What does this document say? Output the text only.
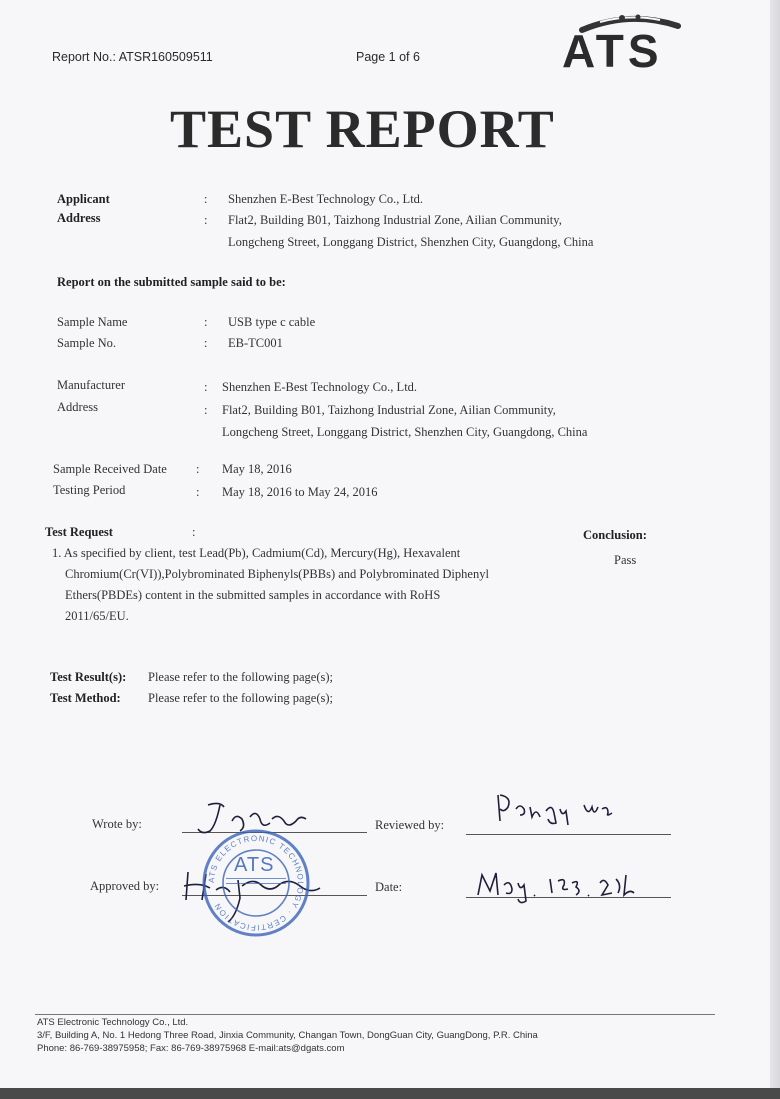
Report No.: ATSR160509511	Page 1 of 6	ATS
TEST REPORT
Applicant	: Shenzhen E-Best Technology Co., Ltd.
Address	: Flat2, Building B01, Taizhong Industrial Zone, Ailian Community,
Longcheng Street, Longgang District, Shenzhen City, Guangdong, China
Report on the submitted sample said to be:
Sample Name	: USB type c cable
Sample No.	: EB-TC001
Manufacturer	: Shenzhen E-Best Technology Co., Ltd.
Address	: Flat2, Building B01, Taizhong Industrial Zone, Ailian Community,
Longcheng Street, Longgang District, Shenzhen City, Guangdong, China
Sample Received Date : May 18, 2016
Testing Period	: May 18, 2016 to May 24, 2016
Test Request	:	Conclusion:
Pass
1. As specified by client, test Lead(Pb), Cadmium(Cd), Mercury(Hg), Hexavalent
Chromium(Cr(VI)),Polybrominated Biphenyls(PBBs) and Polybrominated Diphenyl
Ethers(PBDEs) content in the submitted samples in accordance with RoHS
2011/65/EU.
Test Result(s): Please refer to the following page(s);
Test Method: Please refer to the following page(s);
Wrote by:	Reviewed by:
Approved by:	Date:
ATS ELECTRONIC TECHNOLOGY · CERTIFICATION
ATS
ATS Electronic Technology Co., Ltd.
3/F, Building A, No. 1 Hedong Three Road, Jinxia Community, Changan Town, DongGuan City, GuangDong, P.R. China
Phone: 86-769-38975958; Fax: 86-769-38975968 E-mail:ats@dgats.com
